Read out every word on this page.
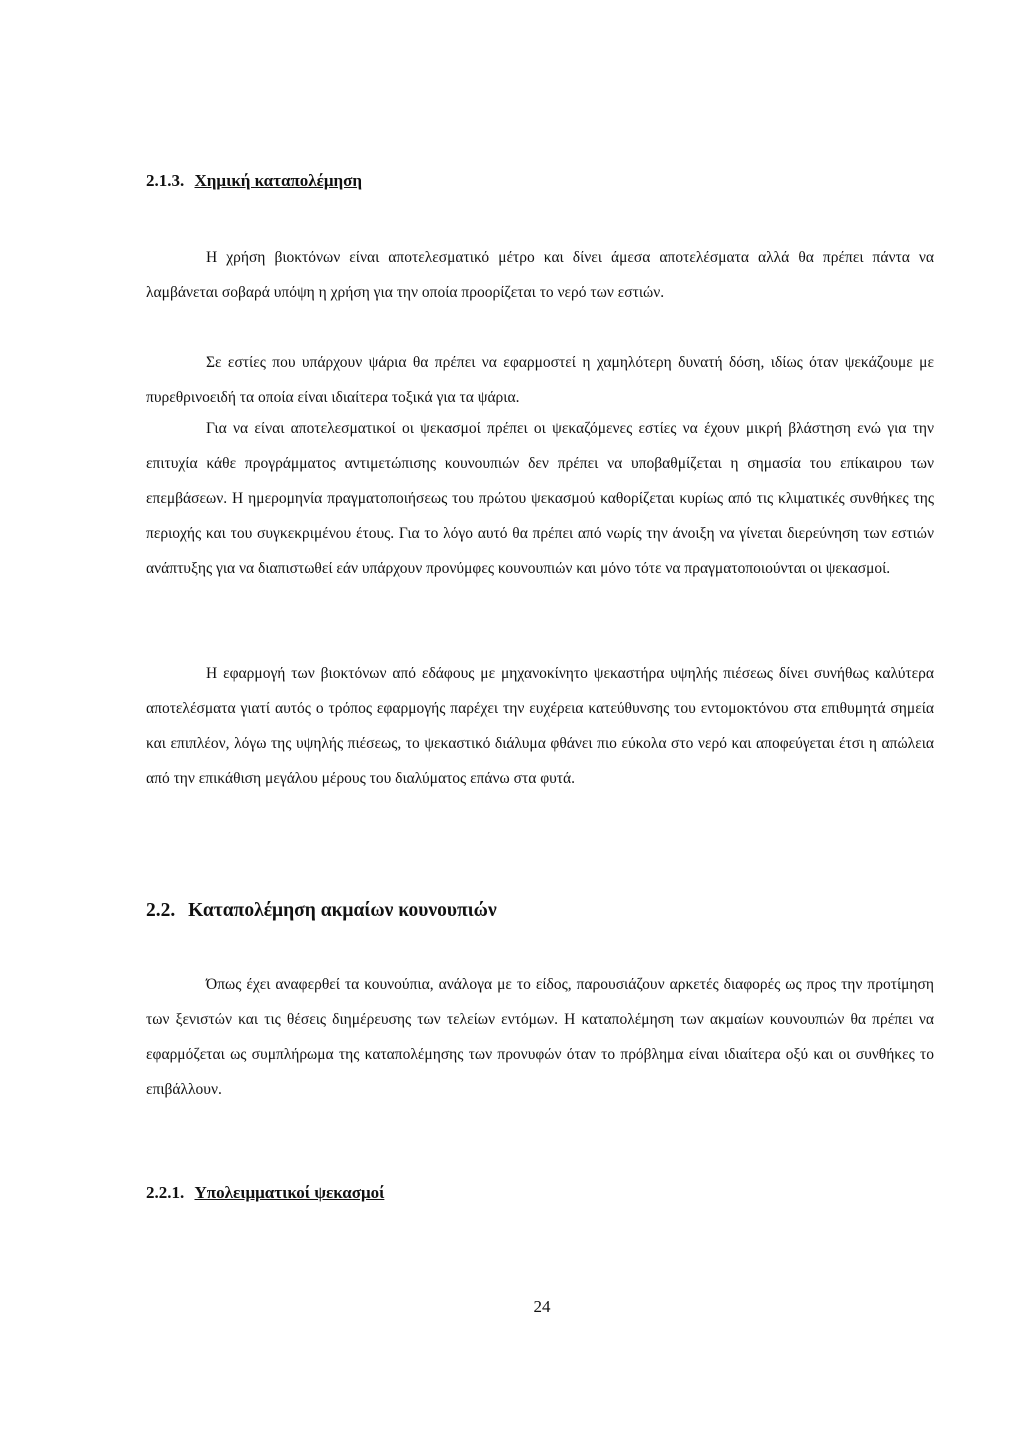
2.1.3. Χημική καταπολέμηση

Η χρήση βιοκτόνων είναι αποτελεσματικό μέτρο και δίνει άμεσα αποτελέσματα αλλά θα πρέπει πάντα να λαμβάνεται σοβαρά υπόψη η χρήση για την οποία προορίζεται το νερό των εστιών.

Σε εστίες που υπάρχουν ψάρια θα πρέπει να εφαρμοστεί η χαμηλότερη δυνατή δόση, ιδίως όταν ψεκάζουμε με πυρεθρινοειδή τα οποία είναι ιδιαίτερα τοξικά για τα ψάρια.

Για να είναι αποτελεσματικοί οι ψεκασμοί πρέπει οι ψεκαζόμενες εστίες να έχουν μικρή βλάστηση ενώ για την επιτυχία κάθε προγράμματος αντιμετώπισης κουνουπιών δεν πρέπει να υποβαθμίζεται η σημασία του επίκαιρου των επεμβάσεων. Η ημερομηνία πραγματοποιήσεως του πρώτου ψεκασμού καθορίζεται κυρίως από τις κλιματικές συνθήκες της περιοχής και του συγκεκριμένου έτους. Για το λόγο αυτό θα πρέπει από νωρίς την άνοιξη να γίνεται διερεύνηση των εστιών ανάπτυξης για να διαπιστωθεί εάν υπάρχουν προνύμφες κουνουπιών και μόνο τότε να πραγματοποιούνται οι ψεκασμοί.

Η εφαρμογή των βιοκτόνων από εδάφους με μηχανοκίνητο ψεκαστήρα υψηλής πιέσεως δίνει συνήθως καλύτερα αποτελέσματα γιατί αυτός ο τρόπος εφαρμογής παρέχει την ευχέρεια κατεύθυνσης του εντομοκτόνου στα επιθυμητά σημεία και επιπλέον, λόγω της υψηλής πιέσεως, το ψεκαστικό διάλυμα φθάνει πιο εύκολα στο νερό και αποφεύγεται έτσι η απώλεια από την επικάθιση μεγάλου μέρους του διαλύματος επάνω στα φυτά.

2.2. Καταπολέμηση ακμαίων κουνουπιών

Όπως έχει αναφερθεί τα κουνούπια, ανάλογα με το είδος, παρουσιάζουν αρκετές διαφορές ως προς την προτίμηση των ξενιστών και τις θέσεις διημέρευσης των τελείων εντόμων. Η καταπολέμηση των ακμαίων κουνουπιών θα πρέπει να εφαρμόζεται ως συμπλήρωμα της καταπολέμησης των προνυφών όταν το πρόβλημα είναι ιδιαίτερα οξύ και οι συνθήκες το επιβάλλουν.

2.2.1. Υπολειμματικοί ψεκασμοί
24
